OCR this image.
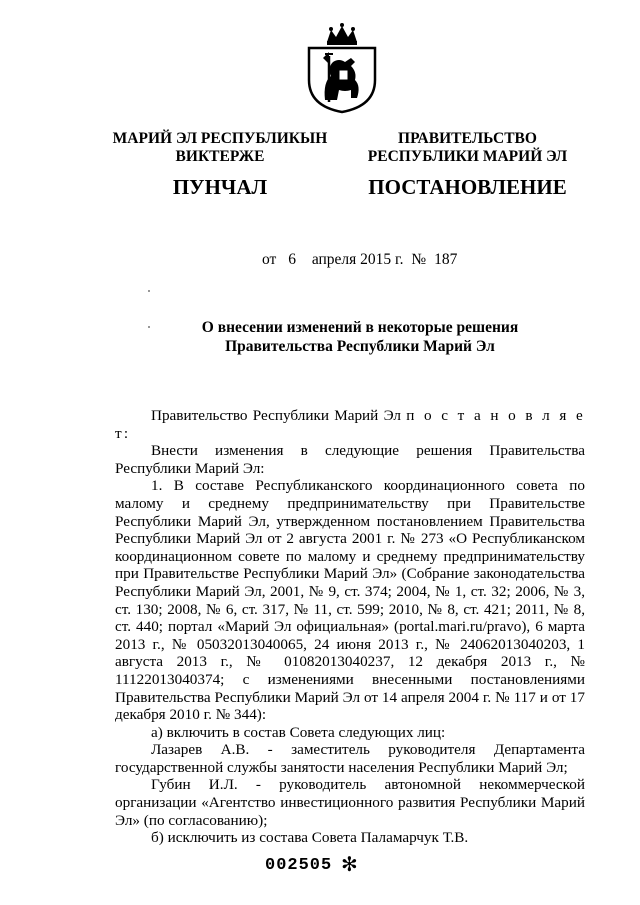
МАРИЙ ЭЛ РЕСПУБЛИКЫН
ВИКТЕРЖЕ
ПРАВИТЕЛЬСТВО
РЕСПУБЛИКИ МАРИЙ ЭЛ
ПУНЧАЛ	ПОСТАНОВЛЕНИЕ
от 6 апреля 2015 г. № 187
О внесении изменений в некоторые решения
Правительства Республики Марий Эл

Правительство Республики Марий Эл п о с т а н о в л я е т:

Внести изменения в следующие решения Правительства Республики Марий Эл:

1. В составе Республиканского координационного совета по малому и среднему предпринимательству при Правительстве Республики Марий Эл, утвержденном постановлением Правительства Республики Марий Эл от 2 августа 2001 г. № 273 «О Республиканском координационном совете по малому и среднему предпринимательству при Правительстве Республики Марий Эл» (Собрание законодательства Республики Марий Эл, 2001, № 9, ст. 374; 2004, № 1, ст. 32; 2006, № 3, ст. 130; 2008, № 6, ст. 317, № 11, ст. 599; 2010, № 8, ст. 421; 2011, № 8, ст. 440; портал «Марий Эл официальная» (portal.mari.ru/pravo), 6 марта 2013 г., № 05032013040065, 24 июня 2013 г., № 24062013040203, 1 августа 2013 г., № 01082013040237, 12 декабря 2013 г., № 11122013040374; с изменениями внесенными постановлениями Правительства Республики Марий Эл от 14 апреля 2004 г. № 117 и от 17 декабря 2010 г. № 344):

а) включить в состав Совета следующих лиц:

Лазарев А.В. - заместитель руководителя Департамента государственной службы занятости населения Республики Марий Эл;

Губин И.Л. - руководитель автономной некоммерческой организации «Агентство инвестиционного развития Республики Марий Эл» (по согласованию);

б) исключить из состава Совета Паламарчук Т.В.

002505 ✻
